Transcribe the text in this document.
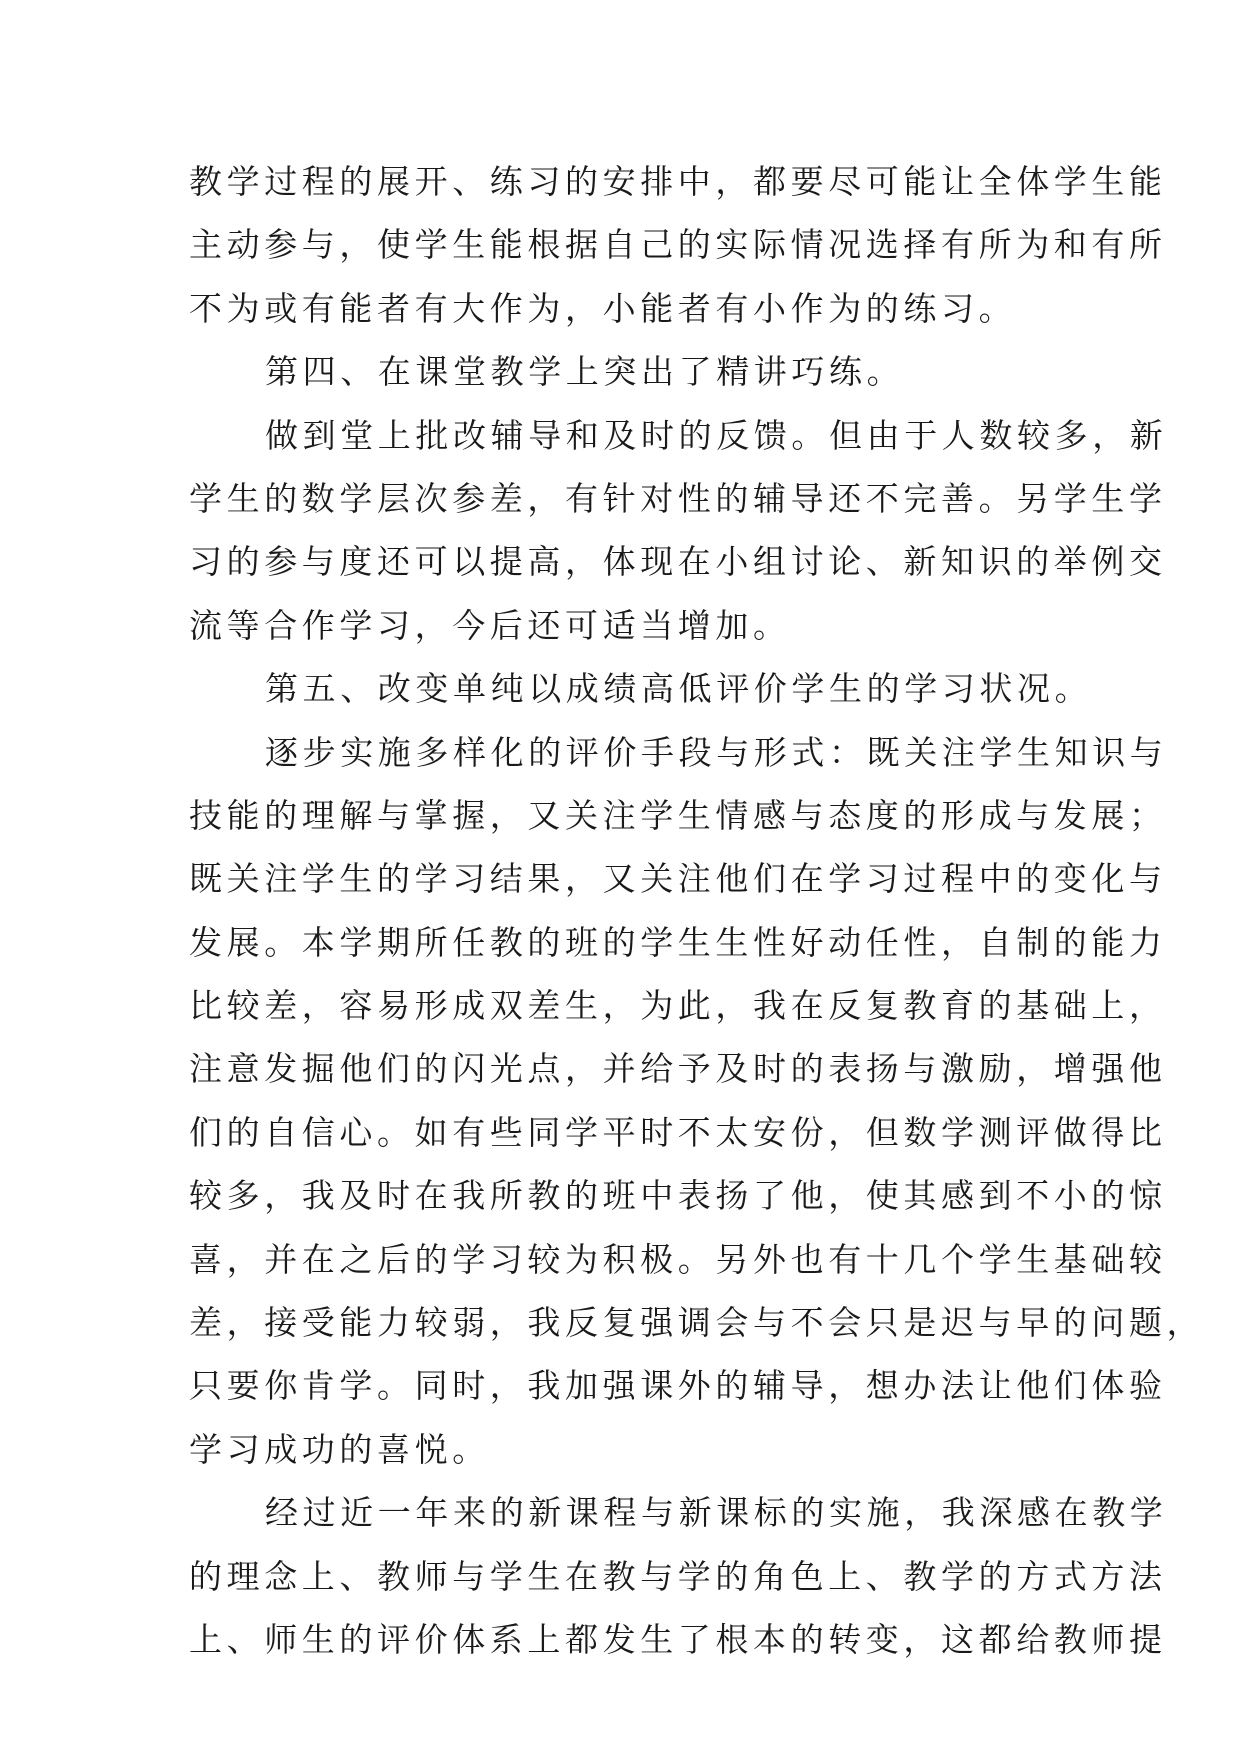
教学过程的展开、练习的安排中，都要尽可能让全体学生能
主动参与，使学生能根据自己的实际情况选择有所为和有所
不为或有能者有大作为，小能者有小作为的练习。
第四、在课堂教学上突出了精讲巧练。
做到堂上批改辅导和及时的反馈。但由于人数较多，新
学生的数学层次参差，有针对性的辅导还不完善。另学生学
习的参与度还可以提高，体现在小组讨论、新知识的举例交
流等合作学习，今后还可适当增加。
第五、改变单纯以成绩高低评价学生的学习状况。
逐步实施多样化的评价手段与形式：既关注学生知识与
技能的理解与掌握，又关注学生情感与态度的形成与发展；
既关注学生的学习结果，又关注他们在学习过程中的变化与
发展。本学期所任教的班的学生生性好动任性，自制的能力
比较差，容易形成双差生，为此，我在反复教育的基础上，
注意发掘他们的闪光点，并给予及时的表扬与激励，增强他
们的自信心。如有些同学平时不太安份，但数学测评做得比
较多，我及时在我所教的班中表扬了他，使其感到不小的惊
喜，并在之后的学习较为积极。另外也有十几个学生基础较
差，接受能力较弱，我反复强调会与不会只是迟与早的问题，
只要你肯学。同时，我加强课外的辅导，想办法让他们体验
学习成功的喜悦。
经过近一年来的新课程与新课标的实施，我深感在教学
的理念上、教师与学生在教与学的角色上、教学的方式方法
上、师生的评价体系上都发生了根本的转变，这都给教师提
